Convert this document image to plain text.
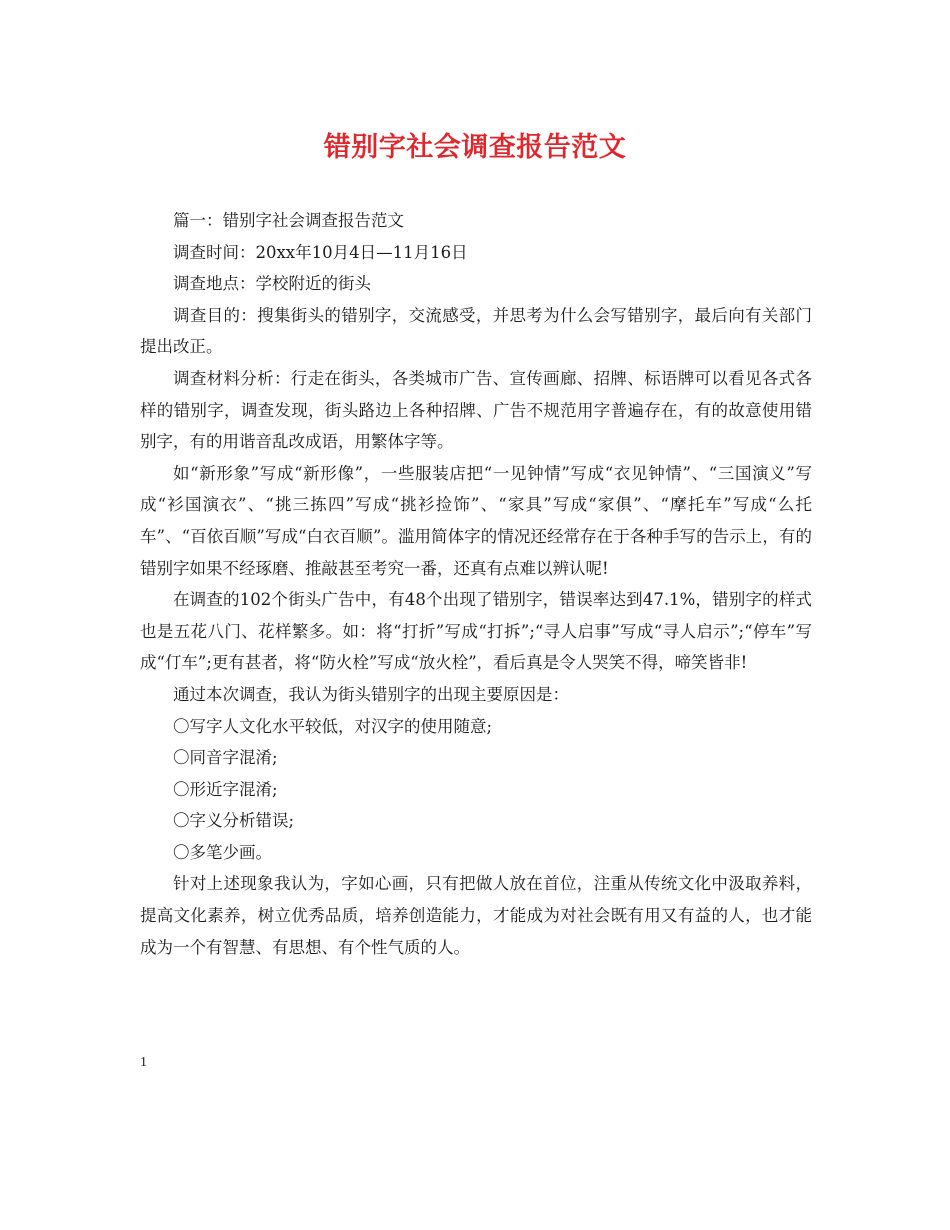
错别字社会调查报告范文

篇一：错别字社会调查报告范文

调查时间：20xx年10月4日—11月16日

调查地点：学校附近的街头

调查目的：搜集街头的错别字，交流感受，并思考为什么会写错别字，最后向有关部门提出改正。

调查材料分析：行走在街头，各类城市广告、宣传画廊、招牌、标语牌可以看见各式各样的错别字，调查发现，街头路边上各种招牌、广告不规范用字普遍存在，有的故意使用错别字，有的用谐音乱改成语，用繁体字等。

如“新形象”写成“新形像”，一些服装店把“一见钟情”写成“衣见钟情”、“三国演义”写成“衫国演衣”、“挑三拣四”写成“挑衫捡饰”、“家具”写成“家俱”、“摩托车”写成“么托车”、“百依百顺”写成“白衣百顺”。滥用简体字的情况还经常存在于各种手写的告示上，有的错别字如果不经琢磨、推敲甚至考究一番，还真有点难以辨认呢!

在调查的102个街头广告中，有48个出现了错别字，错误率达到47.1%，错别字的样式也是五花八门、花样繁多。如：将“打折”写成“打拆”;“寻人启事”写成“寻人启示”;“停车”写成“仃车”;更有甚者，将“防火栓”写成“放火栓”，看后真是令人哭笑不得，啼笑皆非!

通过本次调查，我认为街头错别字的出现主要原因是：

〇写字人文化水平较低，对汉字的使用随意;

〇同音字混淆;

〇形近字混淆;

〇字义分析错误;

〇多笔少画。

针对上述现象我认为，字如心画，只有把做人放在首位，注重从传统文化中汲取养料，提高文化素养，树立优秀品质，培养创造能力，才能成为对社会既有用又有益的人，也才能成为一个有智慧、有思想、有个性气质的人。

1
